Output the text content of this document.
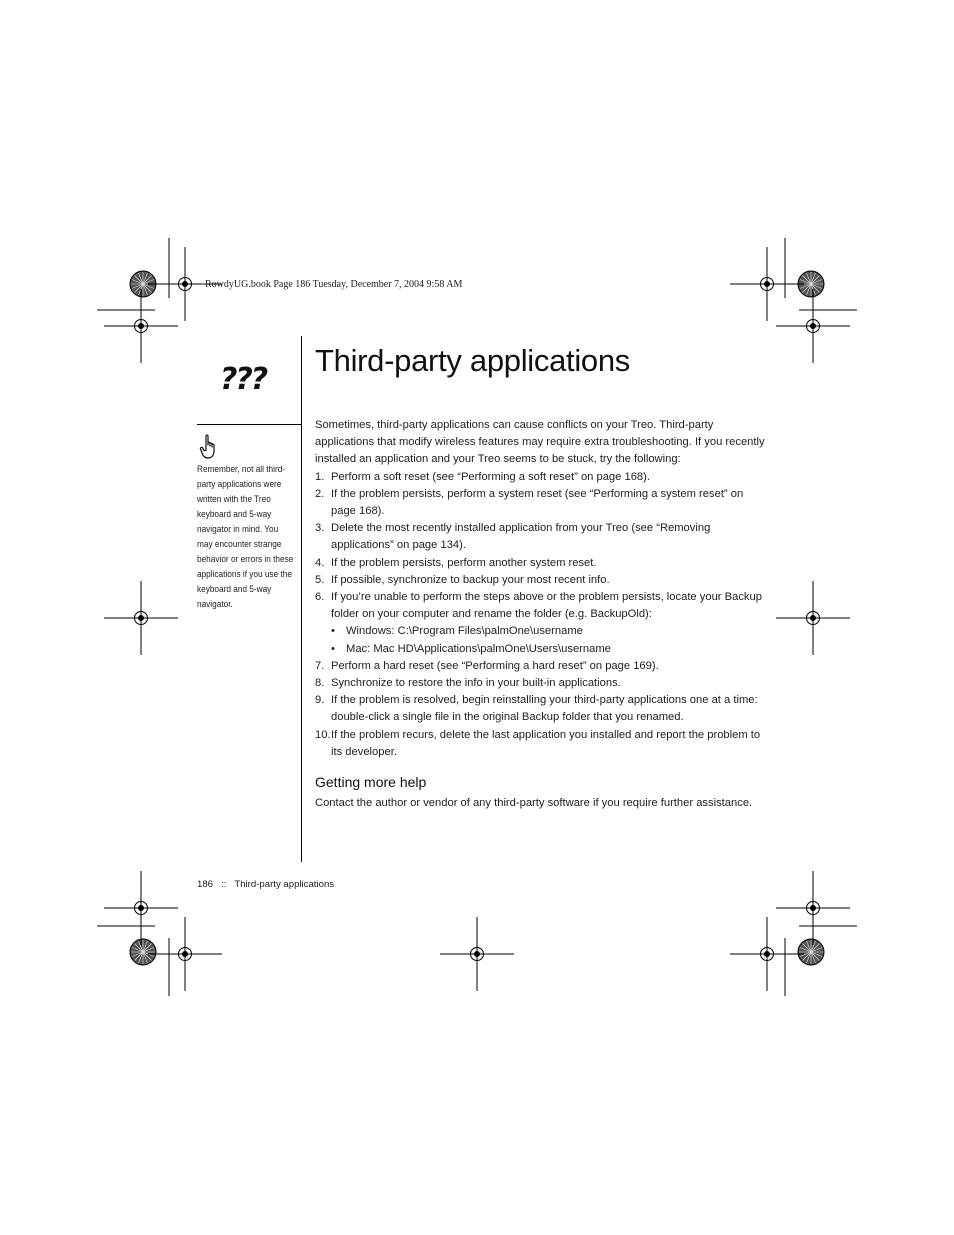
RowdyUG.book Page 186 Tuesday, December 7, 2004 9:58 AM
???
Remember, not all third-
party applications were
written with the Treo
keyboard and 5-way
navigator in mind. You
may encounter strange
behavior or errors in these
applications if you use the
keyboard and 5-way
navigator.
Third-party applications

Sometimes, third-party applications can cause conflicts on your Treo. Third-party applications that modify wireless features may require extra troubleshooting. If you recently installed an application and your Treo seems to be stuck, try the following:

1. Perform a soft reset (see “Performing a soft reset” on page 168).
2. If the problem persists, perform a system reset (see “Performing a system reset” on page 168).
3. Delete the most recently installed application from your Treo (see “Removing applications” on page 134).
4. If the problem persists, perform another system reset.
5. If possible, synchronize to backup your most recent info.
6. If you’re unable to perform the steps above or the problem persists, locate your Backup folder on your computer and rename the folder (e.g. BackupOld):
• Windows: C:\Program Files\palmOne\username
• Mac: Mac HD\Applications\palmOne\Users\username
7. Perform a hard reset (see “Performing a hard reset” on page 169).
8. Synchronize to restore the info in your built-in applications.
9. If the problem is resolved, begin reinstalling your third-party applications one at a time: double-click a single file in the original Backup folder that you renamed.
10. If the problem recurs, delete the last application you installed and report the problem to its developer.
Getting more help

Contact the author or vendor of any third-party software if you require further assistance.

186 :: Third-party applications
